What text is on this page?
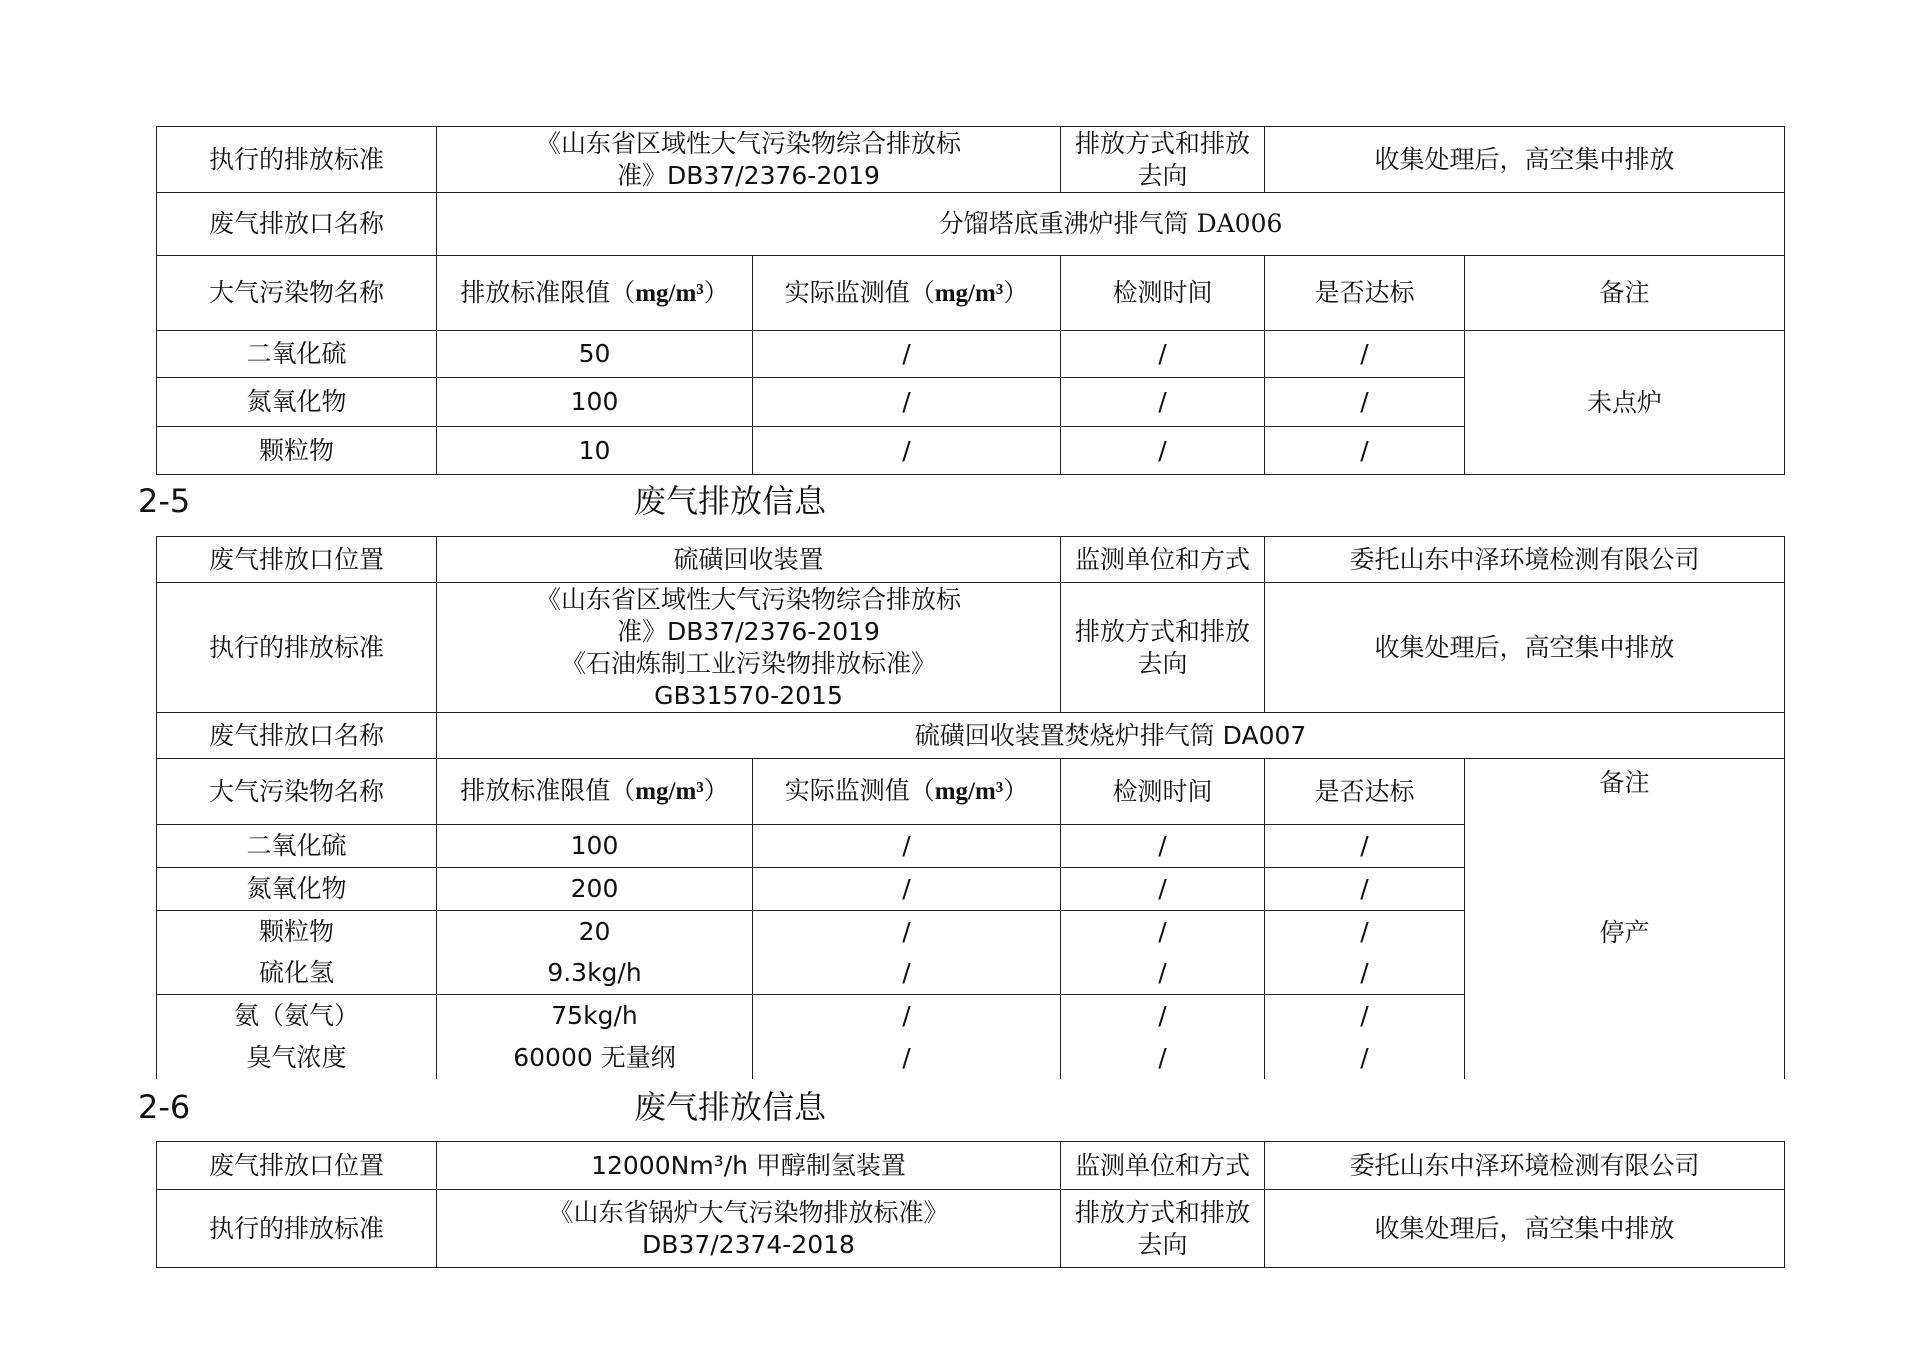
执行的排放标准	《山东省区域性大气污染物综合排放标
准》DB37/2376-2019		排放方式和排放去向	收集处理后，高空集中排放	
废气排放口名称	分馏塔底重沸炉排气筒 DA006				
大气污染物名称	排放标准限值（mg/m³）	实际监测值（mg/m³）	检测时间	是否达标	备注
二氧化硫	50	/	/	/	未点炉
氮氧化物	100	/	/	/	
颗粒物	10	/	/	/	
2-5	废气排放信息
废气排放口位置	硫磺回收装置		监测单位和方式	委托山东中泽环境检测有限公司	
执行的排放标准	《山东省区域性大气污染物综合排放标
准》DB37/2376-2019
《石油炼制工业污染物排放标准》
GB31570-2015		排放方式和排放去向	收集处理后，高空集中排放	
废气排放口名称	硫磺回收装置焚烧炉排气筒 DA007				
大气污染物名称	排放标准限值（mg/m³）	实际监测值（mg/m³）	检测时间	是否达标	备注
停产

二氧化硫	100	/	/	/	
氮氧化物	200	/	/	/	
颗粒物	20	/	/	/	
硫化氢	9.3kg/h	/	/	/	
氨（氨气）	75kg/h	/	/	/	
臭气浓度	60000 无量纲	/	/	/	
2-6	废气排放信息
废气排放口位置	12000Nm³/h 甲醇制氢装置	监测单位和方式	委托山东中泽环境检测有限公司
执行的排放标准	《山东省锅炉大气污染物排放标准》
DB37/2374-2018	排放方式和排放去向	收集处理后，高空集中排放
